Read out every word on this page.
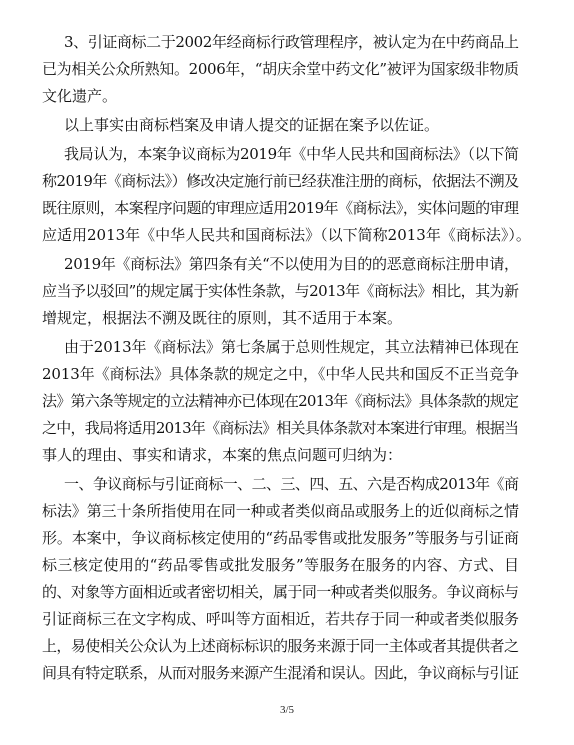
3、引证商标二于2002年经商标行政管理程序，被认定为在中药商品上
已为相关公众所熟知。2006年，“胡庆余堂中药文化”被评为国家级非物质
文化遗产。
以上事实由商标档案及申请人提交的证据在案予以佐证。
我局认为，本案争议商标为2019年《中华人民共和国商标法》（以下简
称2019年《商标法》）修改决定施行前已经获准注册的商标，依据法不溯及
既往原则，本案程序问题的审理应适用2019年《商标法》，实体问题的审理
应适用2013年《中华人民共和国商标法》（以下简称2013年《商标法》）。
2019年《商标法》第四条有关“不以使用为目的的恶意商标注册申请，
应当予以驳回”的规定属于实体性条款，与2013年《商标法》相比，其为新
增规定，根据法不溯及既往的原则，其不适用于本案。
由于2013年《商标法》第七条属于总则性规定，其立法精神已体现在
2013年《商标法》具体条款的规定之中，《中华人民共和国反不正当竞争
法》第六条等规定的立法精神亦已体现在2013年《商标法》具体条款的规定
之中，我局将适用2013年《商标法》相关具体条款对本案进行审理。根据当
事人的理由、事实和请求，本案的焦点问题可归纳为：
一、争议商标与引证商标一、二、三、四、五、六是否构成2013年《商
标法》第三十条所指使用在同一种或者类似商品或服务上的近似商标之情
形。本案中，争议商标核定使用的“药品零售或批发服务”等服务与引证商
标三核定使用的“药品零售或批发服务”等服务在服务的内容、方式、目
的、对象等方面相近或者密切相关，属于同一种或者类似服务。争议商标与
引证商标三在文字构成、呼叫等方面相近，若共存于同一种或者类似服务
上，易使相关公众认为上述商标标识的服务来源于同一主体或者其提供者之
间具有特定联系，从而对服务来源产生混淆和误认。因此，争议商标与引证
3/5
